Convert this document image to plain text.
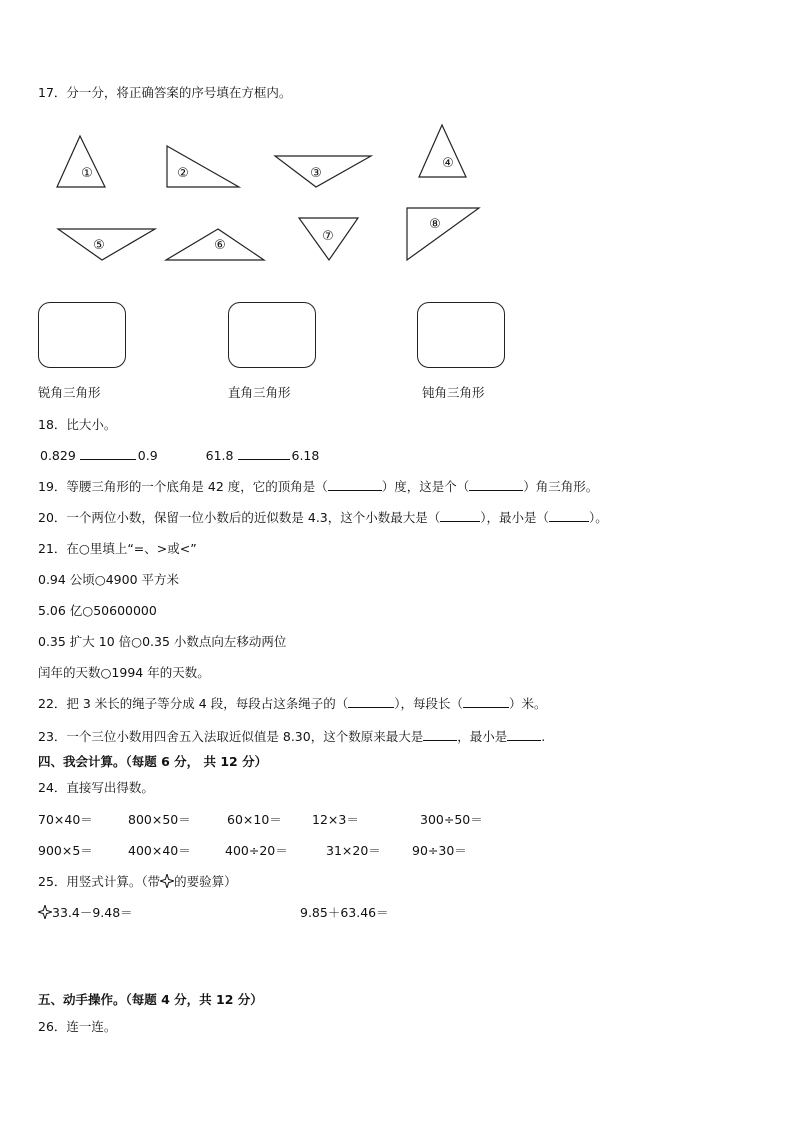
17．分一分，将正确答案的序号填在方框内。
①	②	③
④
⑤	⑥
⑦
⑧
锐角三角形	直角三角形	钝角三角形
18．比大小。
0.829	0.9	61.8	6.18
19．等腰三角形的一个底角是 42 度，它的顶角是（	）度，这是个（	）角三角形。
20．一个两位小数，保留一位小数后的近似数是 4.3，这个小数最大是（	），最小是（	）。
21．在○里填上“=、>或<”
0.94 公顷○4900 平方米
5.06 亿○50600000
0.35 扩大 10 倍○0.35 小数点向左移动两位
闰年的天数○1994 年的天数。
22．把 3 米长的绳子等分成 4 段，每段占这条绳子的（	），每段长（	）米。
23．一个三位小数用四舍五入法取近似值是 8.30，这个数原来最大是	，最小是	.
四、我会计算。（每题 6 分， 共 12 分）
24．直接写出得数。
70×40＝	800×50＝	60×10＝ 12×3＝	300÷50＝
900×5＝	400×40＝	400÷20＝	31×20＝ 90÷30＝
25．用竖式计算。（带 的要验算）
33.4－9.48＝	9.85＋63.46＝
五、动手操作。（每题 4 分，共 12 分）
26．连一连。
